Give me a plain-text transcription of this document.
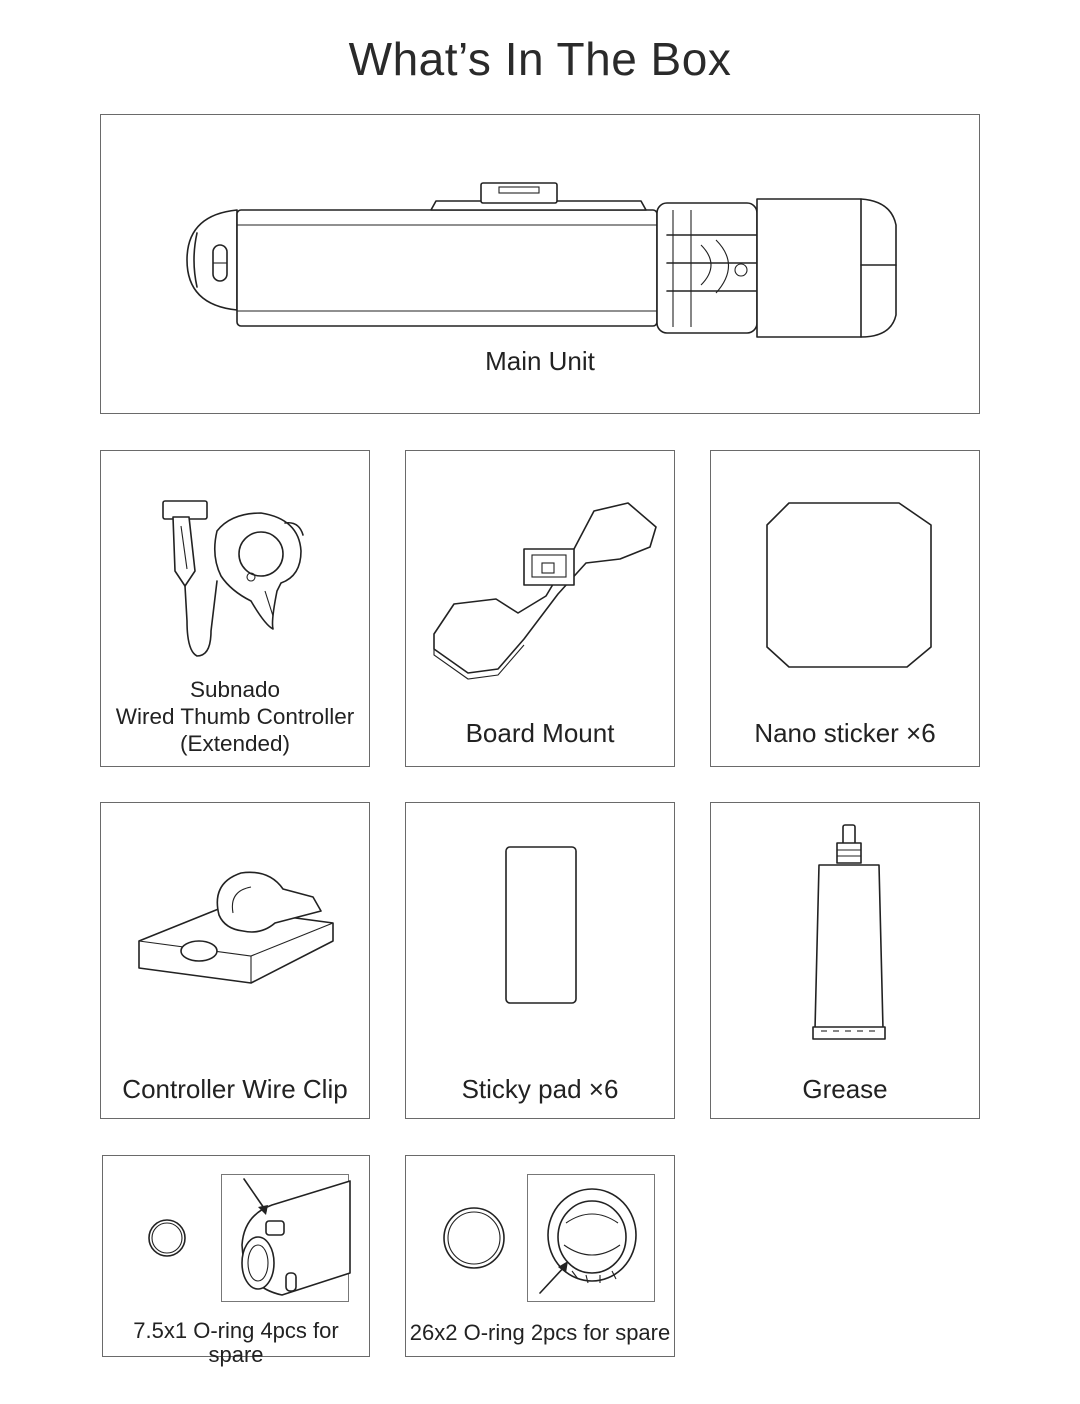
What’s In The Box
Main Unit
Subnado
Wired Thumb Controller
(Extended)	Board Mount	Nano sticker ×6
Controller Wire Clip	Sticky pad ×6	Grease
7.5x1 O-ring 4pcs for spare
26x2 O-ring 2pcs for spare
